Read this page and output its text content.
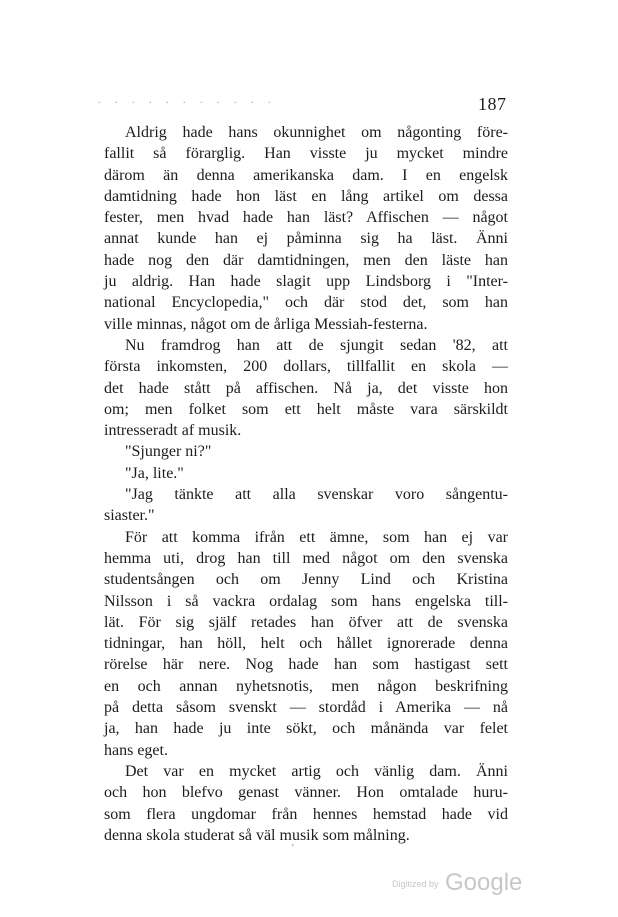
. . . . . . . . . . .	187
Aldrig hade hans okunnighet om någonting före-
fallit så förarglig. Han visste ju mycket mindre
därom än denna amerikanska dam. I en engelsk
damtidning hade hon läst en lång artikel om dessa
fester, men hvad hade han läst? Affischen — något
annat kunde han ej påminna sig ha läst. Änni
hade nog den där damtidningen, men den läste han
ju aldrig. Han hade slagit upp Lindsborg i "Inter-
national Encyclopedia," och där stod det, som han
ville minnas, något om de årliga Messiah-festerna.
Nu framdrog han att de sjungit sedan '82, att
första inkomsten, 200 dollars, tillfallit en skola —
det hade stått på affischen. Nå ja, det visste hon
om; men folket som ett helt måste vara särskildt
intresseradt af musik.
"Sjunger ni?"
"Ja, lite."
"Jag tänkte att alla svenskar voro sångentu-
siaster."
För att komma ifrån ett ämne, som han ej var
hemma uti, drog han till med något om den svenska
studentsången och om Jenny Lind och Kristina
Nilsson i så vackra ordalag som hans engelska till-
lät. För sig själf retades han öfver att de svenska
tidningar, han höll, helt och hållet ignorerade denna
rörelse här nere. Nog hade han som hastigast sett
en och annan nyhetsnotis, men någon beskrifning
på detta såsom svenskt — stordåd i Amerika — nå
ja, han hade ju inte sökt, och månända var felet
hans eget.
Det var en mycket artig och vänlig dam. Änni
och hon blefvo genast vänner. Hon omtalade huru-
som flera ungdomar från hennes hemstad hade vid
denna skola studerat så väl musik som målning.
'
Digitized by Google
